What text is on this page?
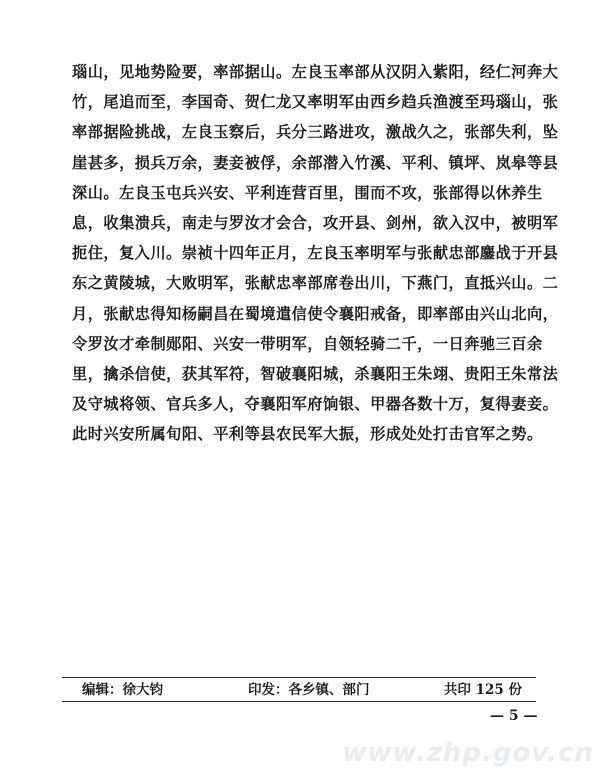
瑙山，见地势险要，率部据山。左良玉率部从汉阴入紫阳，经仁河奔大
竹，尾追而至，李国奇、贺仁龙又率明军由西乡趋兵渔渡至玛瑙山，张
率部据险挑战，左良玉察后，兵分三路进攻，激战久之，张部失利，坠
崖甚多，损兵万余，妻妾被俘，余部潜入竹溪、平利、镇坪、岚皋等县
深山。左良玉屯兵兴安、平利连营百里，围而不攻，张部得以休养生
息，收集溃兵，南走与罗汝才会合，攻开县、剑州，欲入汉中，被明军
扼住，复入川。崇祯十四年正月，左良玉率明军与张献忠部鏖战于开县
东之黄陵城，大败明军，张献忠率部席卷出川，下燕门，直抵兴山。二
月，张献忠得知杨嗣昌在蜀境遣信使令襄阳戒备，即率部由兴山北向，
令罗汝才牵制郧阳、兴安一带明军，自领轻骑二千，一日奔驰三百余
里，擒杀信使，获其军符，智破襄阳城，杀襄阳王朱翊、贵阳王朱常法
及守城将领、官兵多人，夺襄阳军府饷银、甲器各数十万，复得妻妾。
此时兴安所属旬阳、平利等县农民军大振，形成处处打击官军之势。
编辑：徐大钧	印发：各乡镇、部门	共印 125 份
— 5 —
www.zhp.gov.cn
